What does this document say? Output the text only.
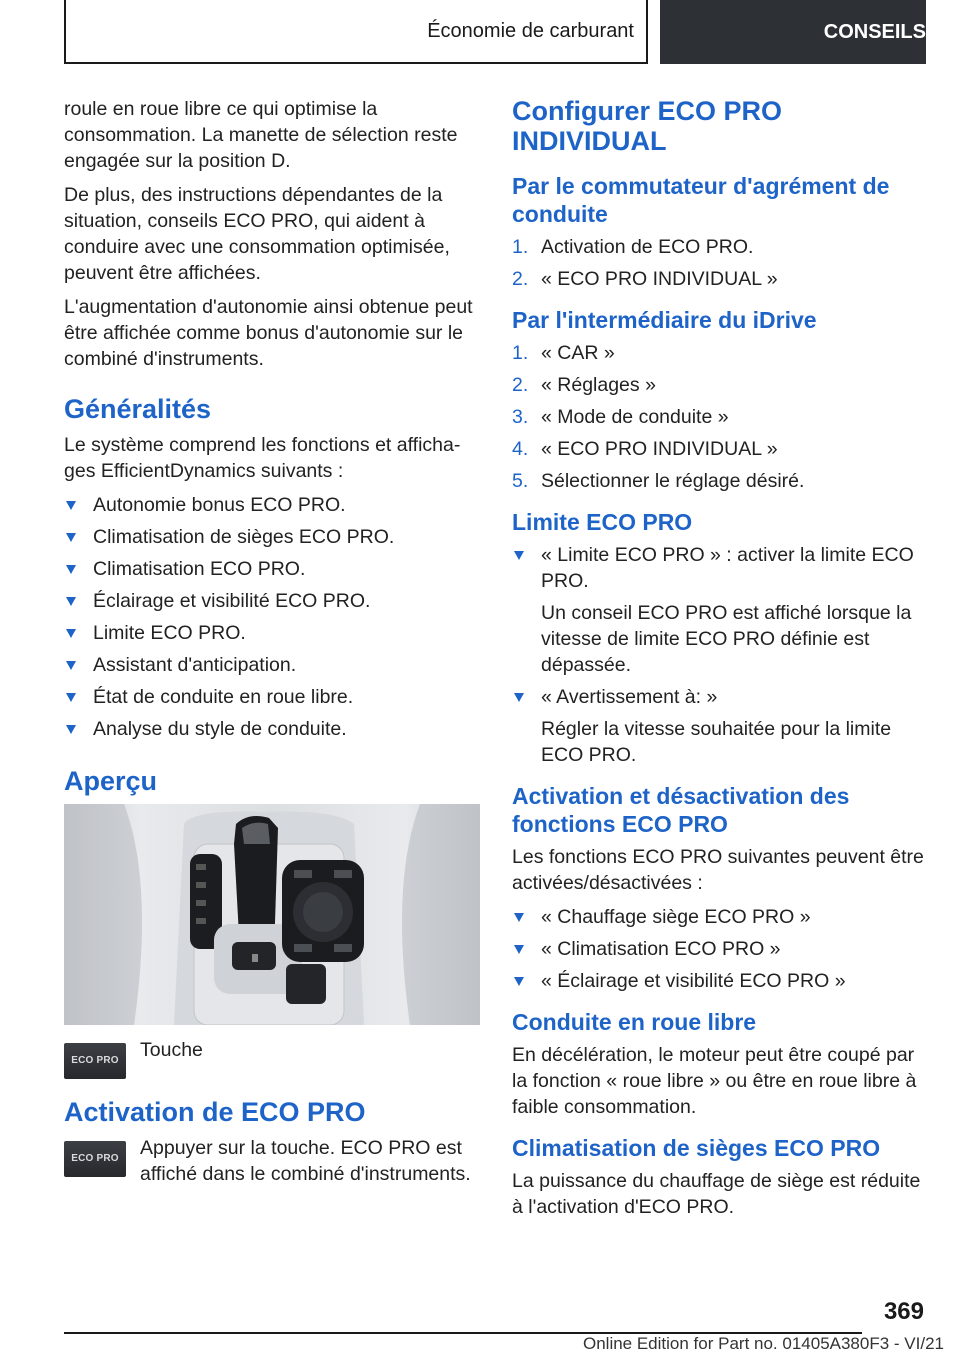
Économie de carburant	CONSEILS

roule en roue libre ce qui optimise la consommation. La manette de sélection reste engagée sur la position D.

De plus, des instructions dépendantes de la situation, conseils ECO PRO, qui aident à conduire avec une consommation optimisée, peuvent être affichées.

L'augmentation d'autonomie ainsi obtenue peut être affichée comme bonus d'autonomie sur le combiné d'instruments.

Généralités

Le système comprend les fonctions et affichages EfficientDynamics suivants :

Autonomie bonus ECO PRO.
Climatisation de sièges ECO PRO.
Climatisation ECO PRO.
Éclairage et visibilité ECO PRO.
Limite ECO PRO.
Assistant d'anticipation.
État de conduite en roue libre.
Analyse du style de conduite.
Aperçu
ECO PRO Touche
Activation de ECO PRO
ECO PRO Appuyer sur la touche. ECO PRO est affiché dans le combiné d'instruments.
Configurer ECO PRO INDIVIDUAL
Par le commutateur d'agrément de conduite
1. Activation de ECO PRO.
2. « ECO PRO INDIVIDUAL »
Par l'intermédiaire du iDrive
1. « CAR »
2. « Réglages »
3. « Mode de conduite »
4. « ECO PRO INDIVIDUAL »
5. Sélectionner le réglage désiré.
Limite ECO PRO
« Limite ECO PRO » : activer la limite ECO PRO.
Un conseil ECO PRO est affiché lorsque la vitesse de limite ECO PRO définie est dépassée.
« Avertissement à: »
Régler la vitesse souhaitée pour la limite ECO PRO.
Activation et désactivation des fonctions ECO PRO

Les fonctions ECO PRO suivantes peuvent être activées/désactivées :

« Chauffage siège ECO PRO »
« Climatisation ECO PRO »
« Éclairage et visibilité ECO PRO »
Conduite en roue libre

En décélération, le moteur peut être coupé par la fonction « roue libre » ou être en roue libre à faible consommation.

Climatisation de sièges ECO PRO

La puissance du chauffage de siège est réduite à l'activation d'ECO PRO.

369
Online Edition for Part no. 01405A380F3 - VI/21
